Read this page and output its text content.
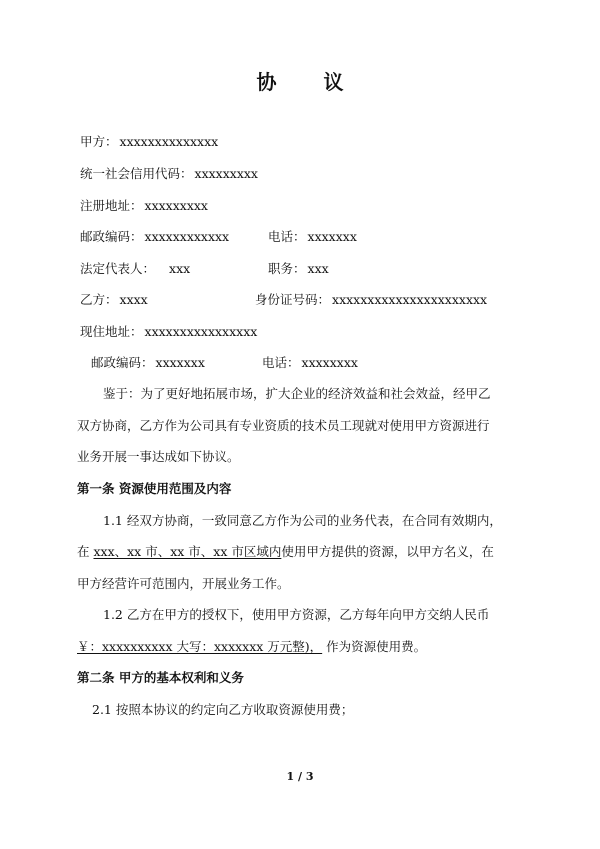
协 议
甲方： xxxxxxxxxxxxxx
统一社会信用代码： xxxxxxxxx
注册地址： xxxxxxxxx
邮政编码： xxxxxxxxxxxx	电话： xxxxxxx
法定代表人： xxx	职务： xxx
乙方： xxxx	身份证号码： xxxxxxxxxxxxxxxxxxxxxx
现住地址： xxxxxxxxxxxxxxxx
邮政编码： xxxxxxx	电话： xxxxxxxx
鉴于：为了更好地拓展市场，扩大企业的经济效益和社会效益，经甲乙
双方协商，乙方作为公司具有专业资质的技术员工现就对使用甲方资源进行
业务开展一事达成如下协议。
第一条 资源使用范围及内容
1.1 经双方协商，一致同意乙方作为公司的业务代表，在合同有效期内，
在 xxx、xx 市、xx 市、xx 市区域内使用甲方提供的资源，以甲方名义，在
甲方经营许可范围内，开展业务工作。
1.2 乙方在甲方的授权下，使用甲方资源，乙方每年向甲方交纳人民币
￥：xxxxxxxxxx 大写：xxxxxxx 万元整)， 作为资源使用费。
第二条 甲方的基本权利和义务
2.1 按照本协议的约定向乙方收取资源使用费；
1 / 3
